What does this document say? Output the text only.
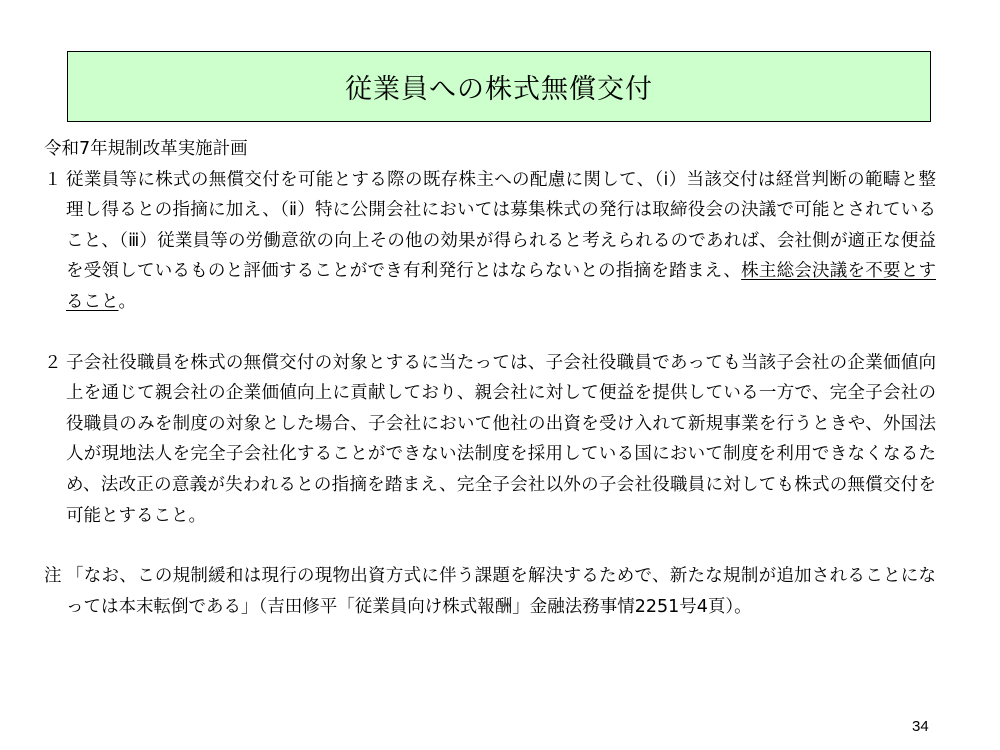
従業員への株式無償交付

令和7年規制改革実施計画

１ 従業員等に株式の無償交付を可能とする際の既存株主への配慮に関して、（ⅰ）当該交付は経営判断の範疇と整理し得るとの指摘に加え、（ⅱ）特に公開会社においては募集株式の発行は取締役会の決議で可能とされていること、（ⅲ）従業員等の労働意欲の向上その他の効果が得られると考えられるのであれば、会社側が適正な便益を受領しているものと評価することができ有利発行とはならないとの指摘を踏まえ、株主総会決議を不要とすること。
２ 子会社役職員を株式の無償交付の対象とするに当たっては、子会社役職員であっても当該子会社の企業価値向上を通じて親会社の企業価値向上に貢献しており、親会社に対して便益を提供している一方で、完全子会社の役職員のみを制度の対象とした場合、子会社において他社の出資を受け入れて新規事業を行うときや、外国法人が現地法人を完全子会社化することができない法制度を採用している国において制度を利用できなくなるため、法改正の意義が失われるとの指摘を踏まえ、完全子会社以外の子会社役職員に対しても株式の無償交付を可能とすること。
注 「なお、この規制緩和は現行の現物出資方式に伴う課題を解決するためで、新たな規制が追加されることになっては本末転倒である」（吉田修平「従業員向け株式報酬」金融法務事情2251号4頁）。
34
